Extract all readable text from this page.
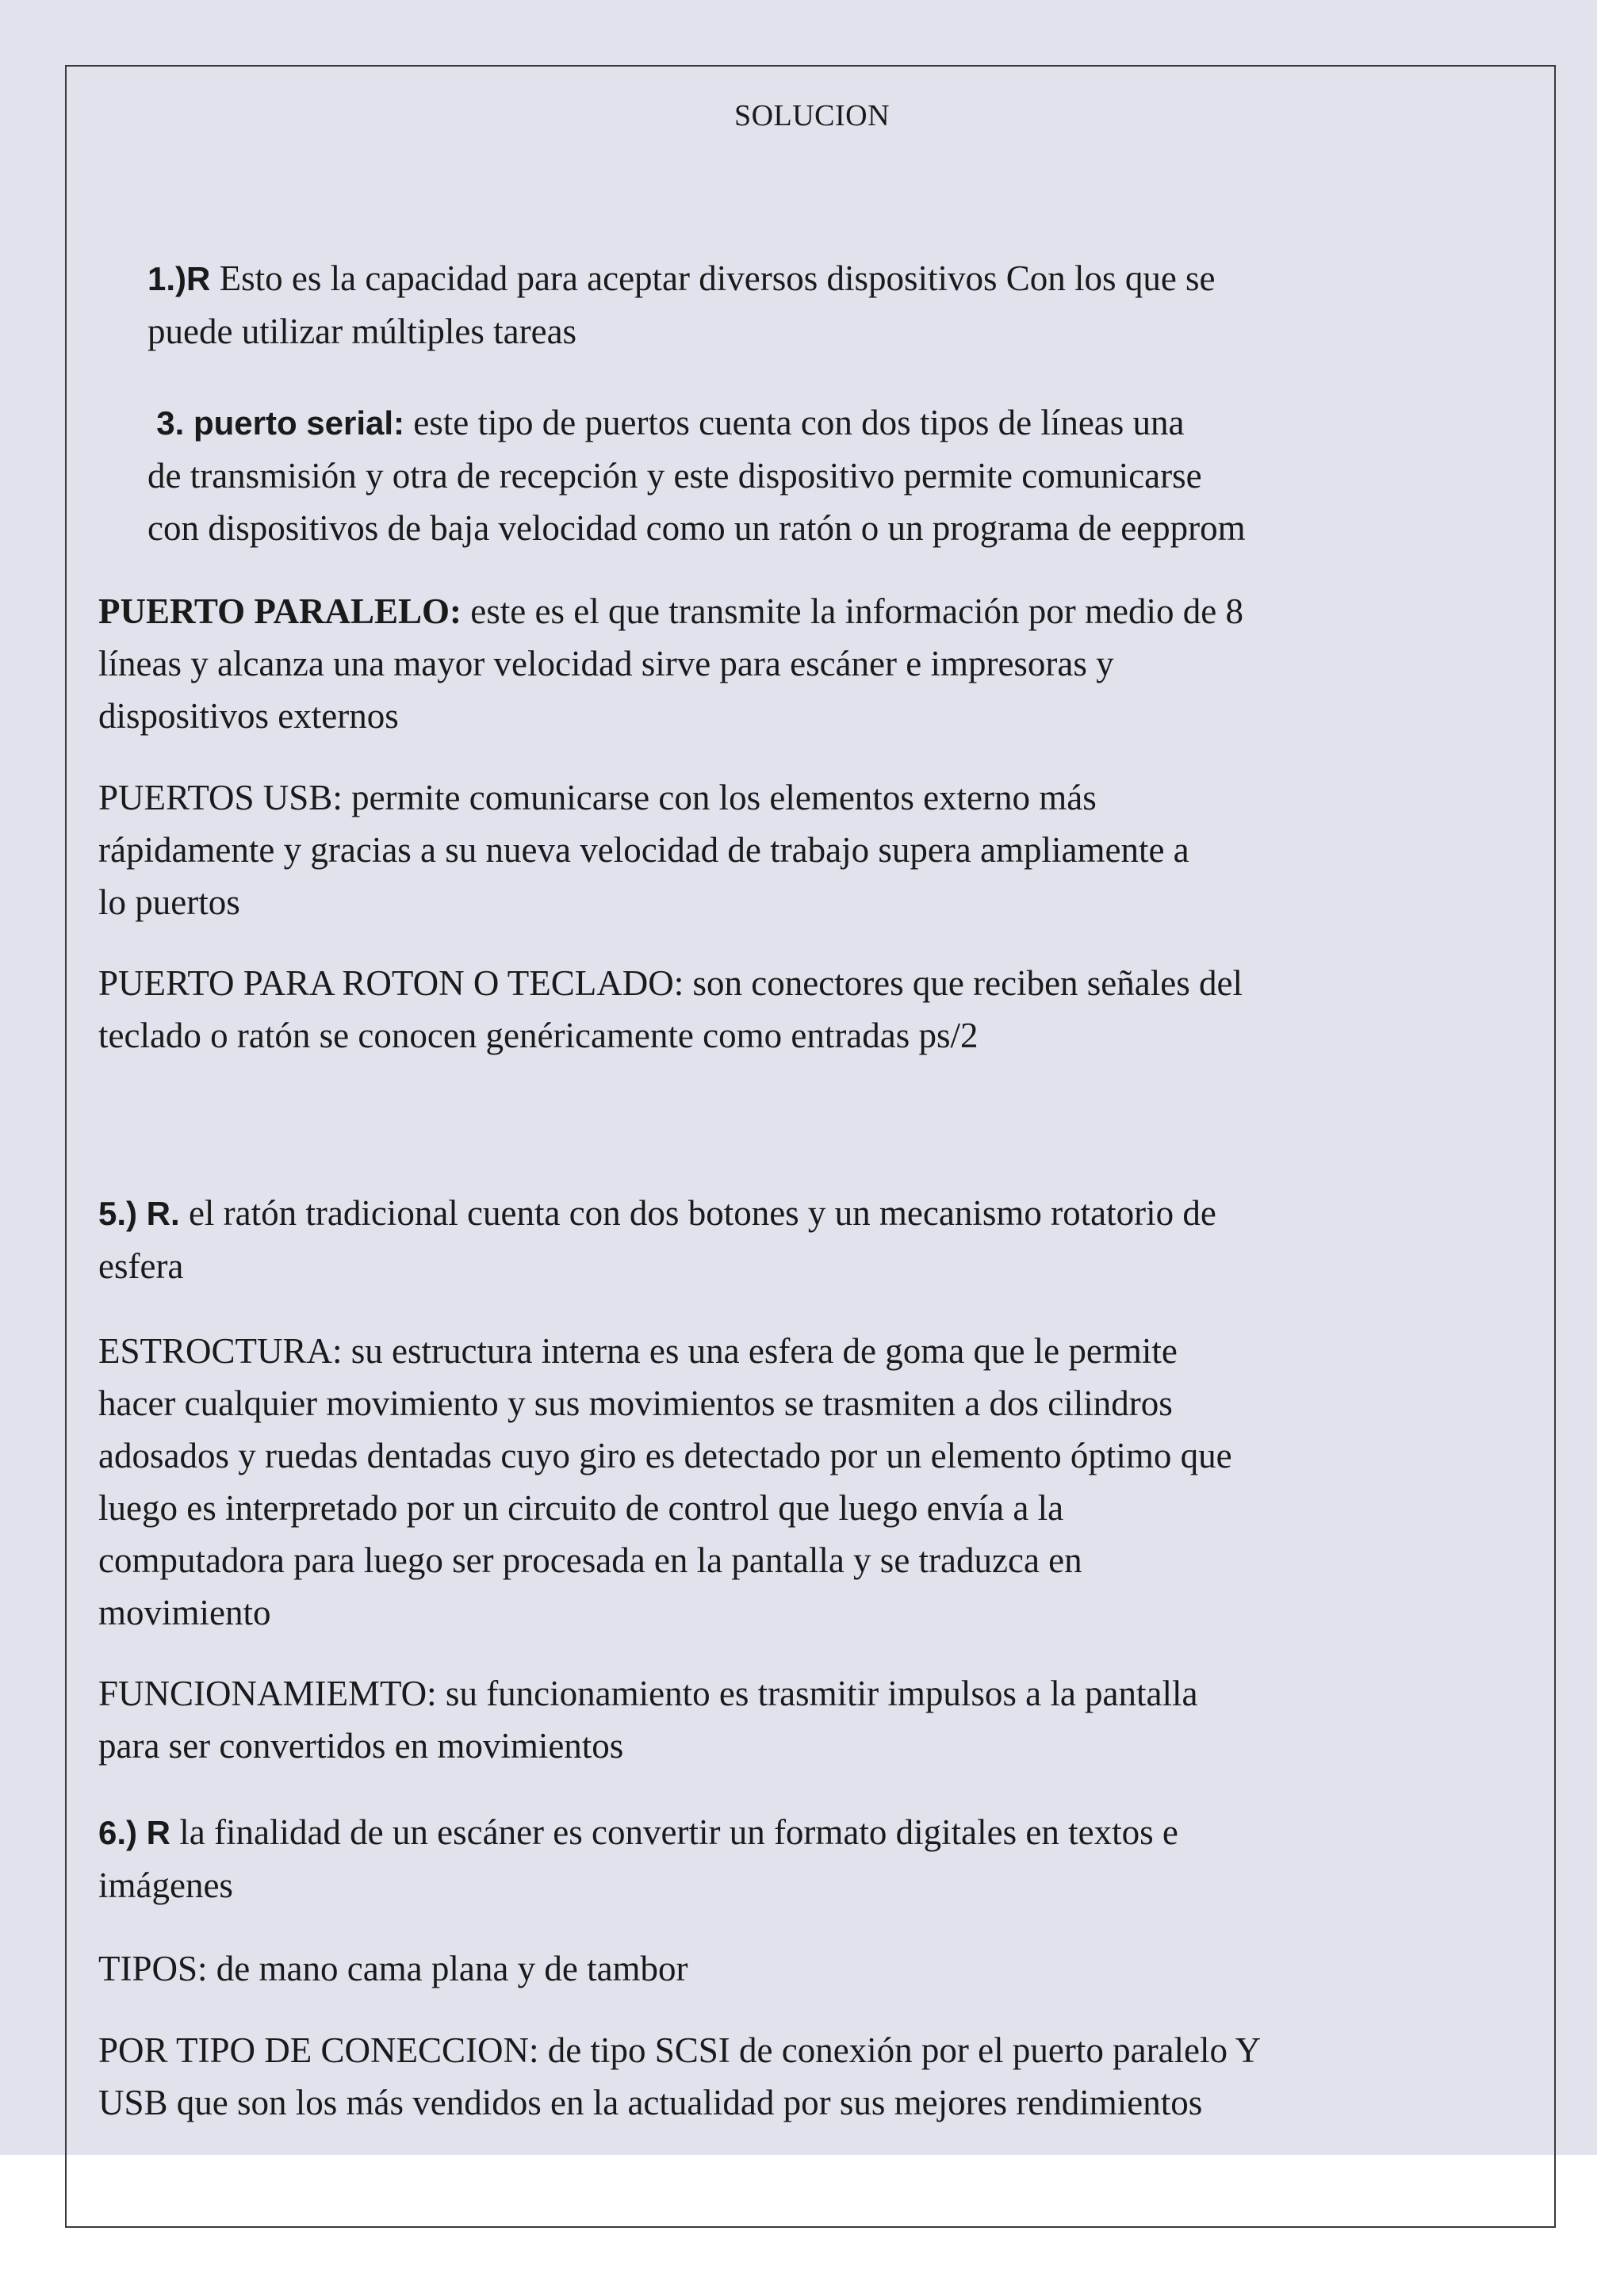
SOLUCION
1.)R Esto es la capacidad para aceptar diversos dispositivos Con los que se
puede utilizar múltiples tareas
3. puerto serial: este tipo de puertos cuenta con dos tipos de líneas una
de transmisión y otra de recepción y este dispositivo permite comunicarse
con dispositivos de baja velocidad como un ratón o un programa de eepprom
PUERTO PARALELO: este es el que transmite la información por medio de 8
líneas y alcanza una mayor velocidad sirve para escáner e impresoras y
dispositivos externos
PUERTOS USB: permite comunicarse con los elementos externo más
rápidamente y gracias a su nueva velocidad de trabajo supera ampliamente a
lo puertos
PUERTO PARA ROTON O TECLADO: son conectores que reciben señales del
teclado o ratón se conocen genéricamente como entradas ps/2
5.) R. el ratón tradicional cuenta con dos botones y un mecanismo rotatorio de
esfera
ESTROCTURA: su estructura interna es una esfera de goma que le permite
hacer cualquier movimiento y sus movimientos se trasmiten a dos cilindros
adosados y ruedas dentadas cuyo giro es detectado por un elemento óptimo que
luego es interpretado por un circuito de control que luego envía a la
computadora para luego ser procesada en la pantalla y se traduzca en
movimiento
FUNCIONAMIEMTO: su funcionamiento es trasmitir impulsos a la pantalla
para ser convertidos en movimientos
6.) R la finalidad de un escáner es convertir un formato digitales en textos e
imágenes
TIPOS: de mano cama plana y de tambor
POR TIPO DE CONECCION: de tipo SCSI de conexión por el puerto paralelo Y
USB que son los más vendidos en la actualidad por sus mejores rendimientos
